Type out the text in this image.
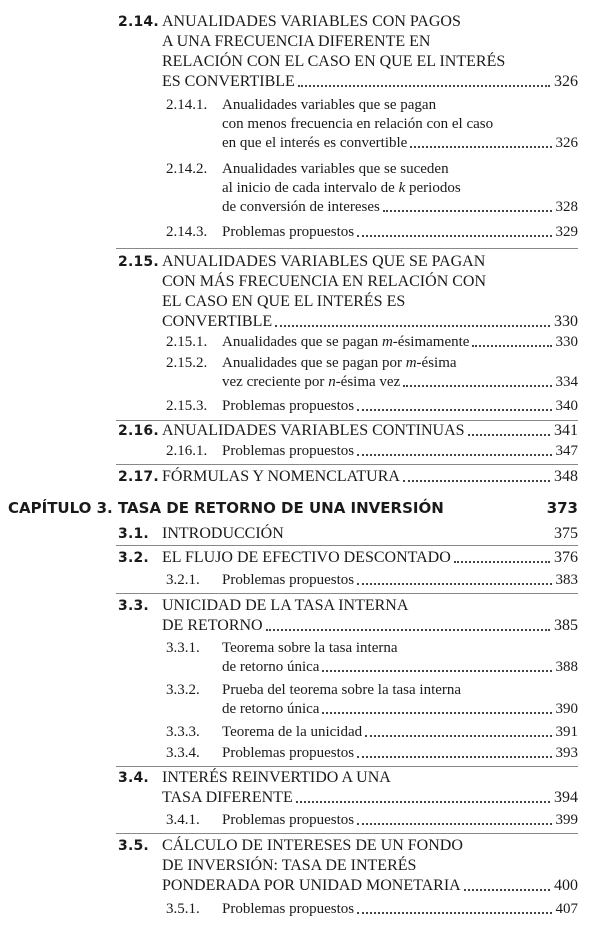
2.14. ANUALIDADES VARIABLES CON PAGOS
A UNA FRECUENCIA DIFERENTE EN
RELACIÓN CON EL CASO EN QUE EL INTERÉS
ES CONVERTIBLE	326
2.14.1. Anualidades variables que se pagan
con menos frecuencia en relación con el caso
en que el interés es convertible	326
2.14.2. Anualidades variables que se suceden
al inicio de cada intervalo de k periodos
de conversión de intereses	328
2.14.3. Problemas propuestos	329
2.15. ANUALIDADES VARIABLES QUE SE PAGAN
CON MÁS FRECUENCIA EN RELACIÓN CON
EL CASO EN QUE EL INTERÉS ES
CONVERTIBLE	330
2.15.1. Anualidades que se pagan m-ésimamente	330
2.15.2. Anualidades que se pagan por m-ésima
vez creciente por n-ésima vez	334
2.15.3. Problemas propuestos	340
2.16. ANUALIDADES VARIABLES CONTINUAS	341
2.16.1. Problemas propuestos	347
2.17. FÓRMULAS Y NOMENCLATURA	348
CAPÍTULO 3. TASA DE RETORNO DE UNA INVERSIÓN	373
3.1. INTRODUCCIÓN	375
3.2. EL FLUJO DE EFECTIVO DESCONTADO	376
3.2.1.	Problemas propuestos	383
3.3. UNICIDAD DE LA TASA INTERNA
DE RETORNO	385
3.3.1.	Teorema sobre la tasa interna
de retorno única	388
3.3.2.	Prueba del teorema sobre la tasa interna
de retorno única	390
3.3.3.	Teorema de la unicidad	391
3.3.4.	Problemas propuestos	393
3.4. INTERÉS REINVERTIDO A UNA
TASA DIFERENTE	394
3.4.1.	Problemas propuestos	399
3.5. CÁLCULO DE INTERESES DE UN FONDO
DE INVERSIÓN: TASA DE INTERÉS
PONDERADA POR UNIDAD MONETARIA	400
3.5.1.	Problemas propuestos	407
